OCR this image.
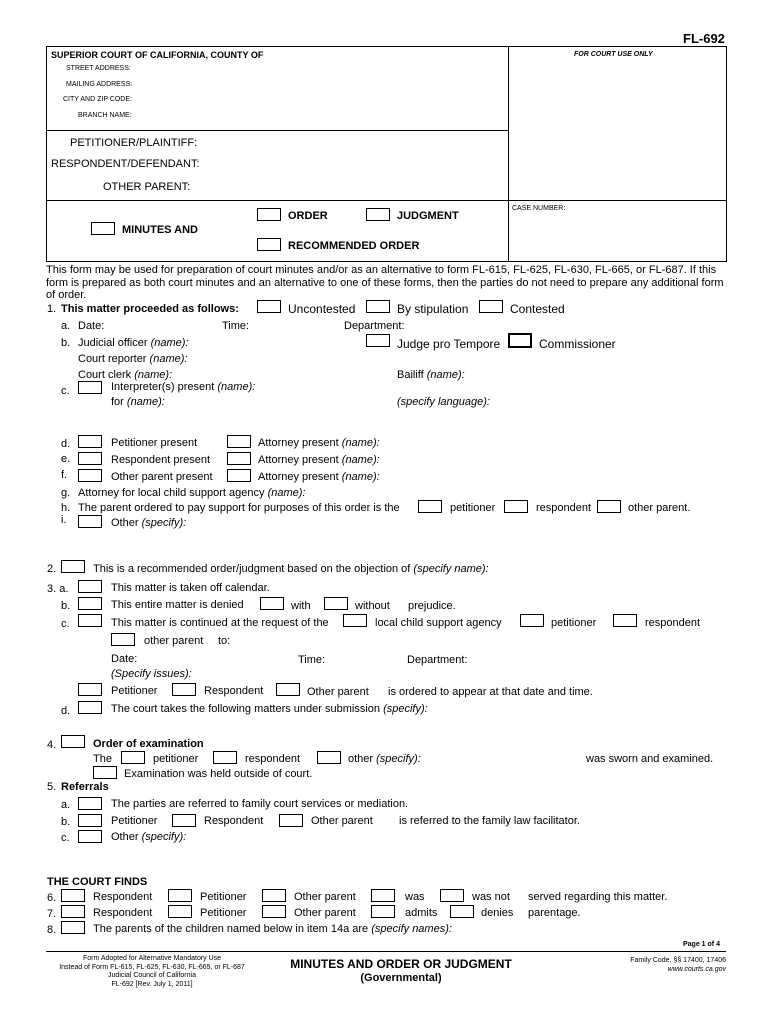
FL-692
SUPERIOR COURT OF CALIFORNIA, COUNTY OF	FOR COURT USE ONLY
STREET ADDRESS:
MAILING ADDRESS:
CITY AND ZIP CODE:
BRANCH NAME:
PETITIONER/PLAINTIFF:
RESPONDENT/DEFENDANT:
OTHER PARENT:
MINUTES AND
ORDER	JUDGMENT
RECOMMENDED ORDER
CASE NUMBER:
This form may be used for preparation of court minutes and/or as an alternative to form FL-615, FL-625, FL-630, FL-665, or FL-687. If this form is prepared as both court minutes and an alternative to one of these forms, then the parties do not need to prepare any additional form of order.
1. This matter proceeded as follows:	Uncontested	By stipulation	Contested
a. Date:	Time:	Department:
b. Judicial officer (name):	Judge pro Tempore	Commissioner
Court reporter (name):
Court clerk (name):	Bailiff (name):
c.	Interpreter(s) present (name):
for (name):	(specify language):
d.	Petitioner present	Attorney present (name):
e.	Respondent present	Attorney present (name):
f.	Other parent present	Attorney present (name):
g. Attorney for local child support agency (name):
h. The parent ordered to pay support for purposes of this order is the	petitioner	respondent	other parent.
i.	Other (specify):
2.	This is a recommended order/judgment based on the objection of (specify name):
3. a.	This matter is taken off calendar.
b.	This entire matter is denied	with	without prejudice.
c.	This matter is continued at the request of the	local child support agency	petitioner	respondent
other parent to:
Date:	Time:	Department:
(Specify issues):
Petitioner	Respondent	Other parent is ordered to appear at that date and time.
d.	The court takes the following matters under submission (specify):
4.	Order of examination
The	petitioner	respondent	other (specify):	was sworn and examined.
Examination was held outside of court.
5. Referrals
a.	The parties are referred to family court services or mediation.
b.	Petitioner	Respondent	Other parent is referred to the family law facilitator.
c.	Other (specify):
THE COURT FINDS
6.	Respondent	Petitioner	Other parent	was	was not served regarding this matter.
7.	Respondent	Petitioner	Other parent	admits	denies parentage.
8.	The parents of the children named below in item 14a are (specify names):
Page 1 of 4
Form Adopted for Alternative Mandatory Use
Instead of Form FL-615, FL-625, FL-630, FL-665, or FL-687
Judicial Council of California
FL-692 [Rev. July 1, 2011]
MINUTES AND ORDER OR JUDGMENT
(Governmental)
Family Code, §§ 17400, 17406
www.courts.ca.gov
